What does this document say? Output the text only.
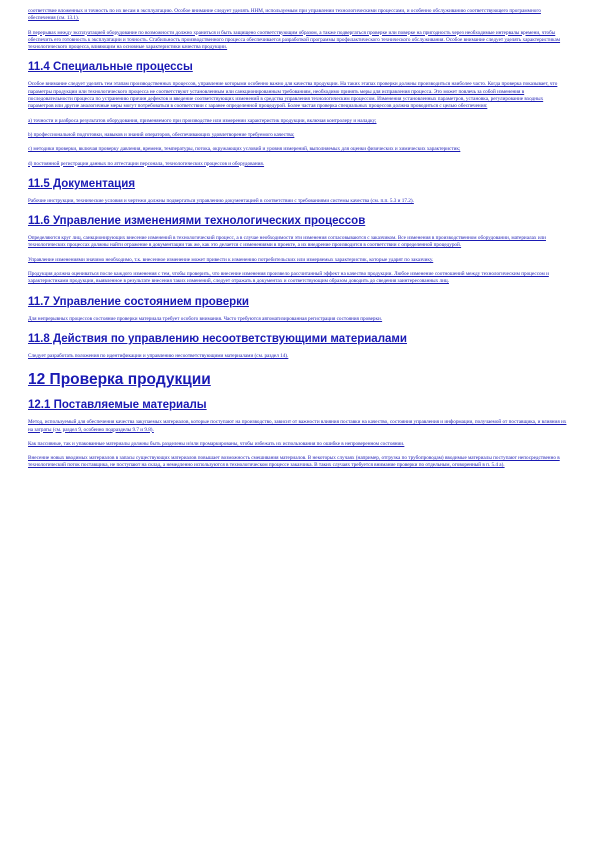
соответствие вложенных и точность по их весам в эксплуатацию. Особое внимание следует уделять ННМ, используемым при управлении технологическими процессами, и особенно обслуживанию соответствующего программного обеспечения (см. 13.1).

В перерывах между эксплуатацией оборудование по возможности должно храниться и быть защищено соответствующим образом, а также подвергаться проверке или поверке на пригодность через необходимые интервалы времени, чтобы обеспечить его готовность к эксплуатации и точность. Стабильность производственного процесса обеспечивается разработкой программы профилактического технического обслуживания. Особое внимание следует уделять характеристикам технологического процесса, влияющим на основные характеристики качества продукции.

11.4 Специальные процессы

Особое внимание следует уделять тем этапам производственных процессов, управление которыми особенно важно для качества продукции. На таких этапах проверки должны производиться наиболее часто. Когда проверка показывает, что параметры продукции или технологического процесса не соответствуют установленным или санкционированным требованиям, необходимо принять меры для исправления процесса. Это может повлечь за собой изменения в последовательности процесса по устранению причин дефектов и введение соответствующих изменений в средства управления технологическим процессом. Изменения установленных параметров, установка, регулирование входных параметров или другие аналогичные меры могут потребоваться в соответствии с заранее определенной процедурой. Более частая проверка специальных процессов должна проводиться с целью обеспечения:

а) точности и разброса результатов оборудования, применяемого при производстве или измерении характеристик продукции, включая контролеру и наладку;

b) профессиональной подготовки, навыков и знаний операторов, обеспечивающих удовлетворение требуемого качества;

c) методики проверки, включая проверку давления, времени, температуры, потока, окружающих условий и уровня измерений, выполняемых для оценки физических и химических характеристик;

d) постоянной регистрации данных по аттестации персонала, технологических процессов и оборудования.

11.5 Документация

Рабочие инструкции, технические условия и чертежи должны подвергаться управлению документацией в соответствии с требованиями системы качества (см. п.п. 5.3 и 17.2).

11.6 Управление изменениями технологических процессов

Определяются круг лиц, санкционирующих внесение изменений в технологический процесс, а в случае необходимости эти изменения согласовываются с заказчиком. Все изменения в производственном оборудовании, материалах или технологических процессах должны найти отражение в документации так же, как это делается с изменениями в проекте, а их внедрение производится в соответствии с определенной процедурой.

Управление изменениями значимо необходимо, т.к. внесенное изменение может привести к изменению потребительских или измеряемых характеристик, которые ударят по заказчику.

Продукция должна оцениваться после каждого изменения с тем, чтобы проверить, что внесение изменения произвело рассчитанный эффект на качество продукции. Любое изменение соотношений между технологическим процессом и характеристиками продукции, выявленное в результате внесения таких изменений, следует отражать в документах и соответствующим образом доводить до сведения заинтересованных лиц.

11.7 Управление состоянием проверки

Для непрерывных процессов состояние проверки материала требует особого внимания. Часто требуются автоматизированная регистрация состояния проверки.

11.8 Действия по управлению несоответствующими материалами

Следует разработать положения по идентификации и управлению несоответствующими материалами (см. раздел 14).

12 Проверка продукции
12.1 Поставляемые материалы

Метод, используемый для обеспечения качества закупаемых материалов, которые поступают на производство, зависит от важности влияния поставки на качество, состояния управления и информации, получаемой от поставщика, и влияния их на затраты (см. раздел 9, особенно подразделы 9.7 и 9.8).

Как пассивные, так и упакованные материалы должны быть разделены и/или промаркированы, чтобы избежать их использования по ошибке в непроверенном состоянии.

Внесение новых вводимых материалов в запасы существующих материалов повышает возможность смешивания материалов. В некоторых случаях (например, отгрузка по трубопроводам) вводимые материалы поступают непосредственно в технологический поток поставщика, не поступают на склад, а немедленно используются в технологическом процессе заказчика. В таких случаях требуется внимание проверки по отдельным, оговоренный в п. 5.4 а).
